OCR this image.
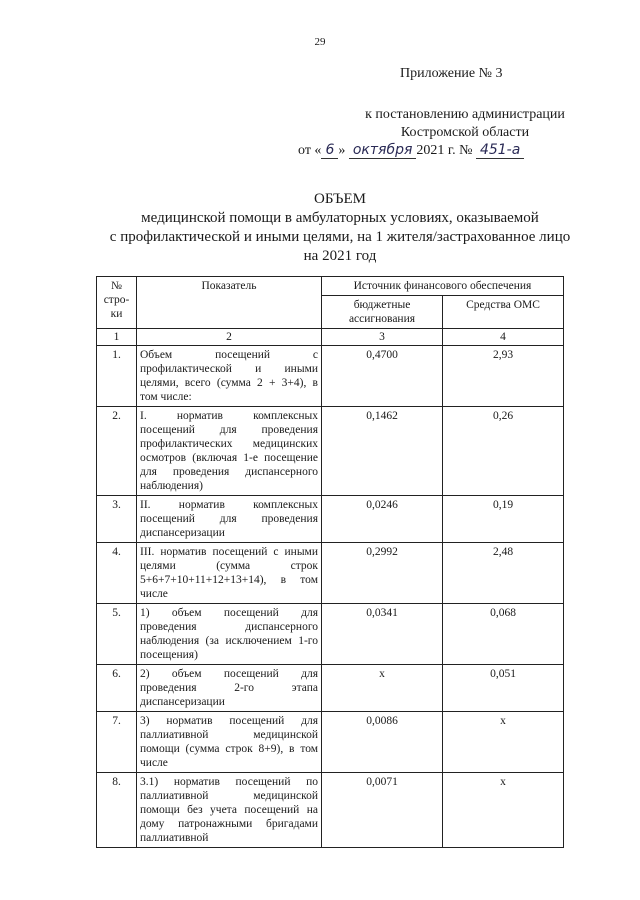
29
Приложение № 3
к постановлению администрации
Костромской области
от « 6 » октября 2021 г. № 451-а
ОБЪЕМ
медицинской помощи в амбулаторных условиях, оказываемой
с профилактической и иными целями, на 1 жителя/застрахованное лицо
на 2021 год
№ стро-ки	Показатель	Источник финансового обеспечения	
		бюджетные ассигнования	Средства ОМС
1	2	3	4
1.	Объем посещений с профилактической и иными целями, всего (сумма 2 + 3+4), в том числе:	0,4700	2,93
2.	I. норматив комплексных посещений для проведения профилактических медицинских осмотров (включая 1-е посещение для проведения диспансерного наблюдения)	0,1462	0,26
3.	II. норматив комплексных посещений для проведения диспансеризации	0,0246	0,19
4.	III. норматив посещений с иными целями (сумма строк 5+6+7+10+11+12+13+14), в том числе	0,2992	2,48
5.	1) объем посещений для проведения диспансерного наблюдения (за исключением 1-го посещения)	0,0341	0,068
6.	2) объем посещений для проведения 2-го этапа диспансеризации	х	0,051
7.	3) норматив посещений для паллиативной медицинской помощи (сумма строк 8+9), в том числе	0,0086	х
8.	3.1) норматив посещений по паллиативной медицинской помощи без учета посещений на дому патронажными бригадами паллиативной	0,0071	х
